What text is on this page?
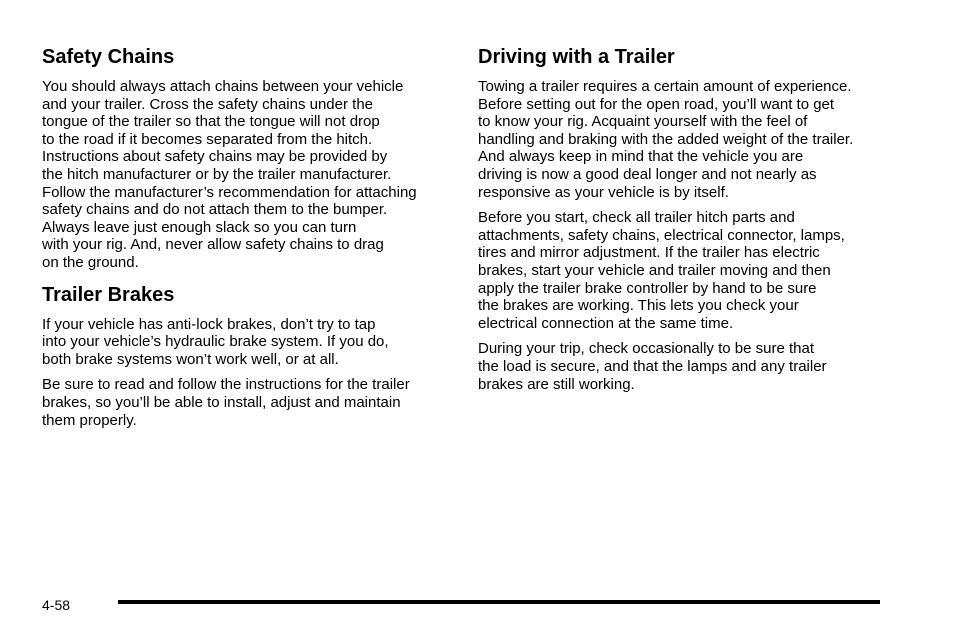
Safety Chains

You should always attach chains between your vehicle
and your trailer. Cross the safety chains under the
tongue of the trailer so that the tongue will not drop
to the road if it becomes separated from the hitch.
Instructions about safety chains may be provided by
the hitch manufacturer or by the trailer manufacturer.
Follow the manufacturer’s recommendation for attaching
safety chains and do not attach them to the bumper.
Always leave just enough slack so you can turn
with your rig. And, never allow safety chains to drag
on the ground.

Trailer Brakes

If your vehicle has anti-lock brakes, don’t try to tap
into your vehicle’s hydraulic brake system. If you do,
both brake systems won’t work well, or at all.

Be sure to read and follow the instructions for the trailer
brakes, so you’ll be able to install, adjust and maintain
them properly.

Driving with a Trailer

Towing a trailer requires a certain amount of experience.
Before setting out for the open road, you’ll want to get
to know your rig. Acquaint yourself with the feel of
handling and braking with the added weight of the trailer.
And always keep in mind that the vehicle you are
driving is now a good deal longer and not nearly as
responsive as your vehicle is by itself.

Before you start, check all trailer hitch parts and
attachments, safety chains, electrical connector, lamps,
tires and mirror adjustment. If the trailer has electric
brakes, start your vehicle and trailer moving and then
apply the trailer brake controller by hand to be sure
the brakes are working. This lets you check your
electrical connection at the same time.

During your trip, check occasionally to be sure that
the load is secure, and that the lamps and any trailer
brakes are still working.

4-58
